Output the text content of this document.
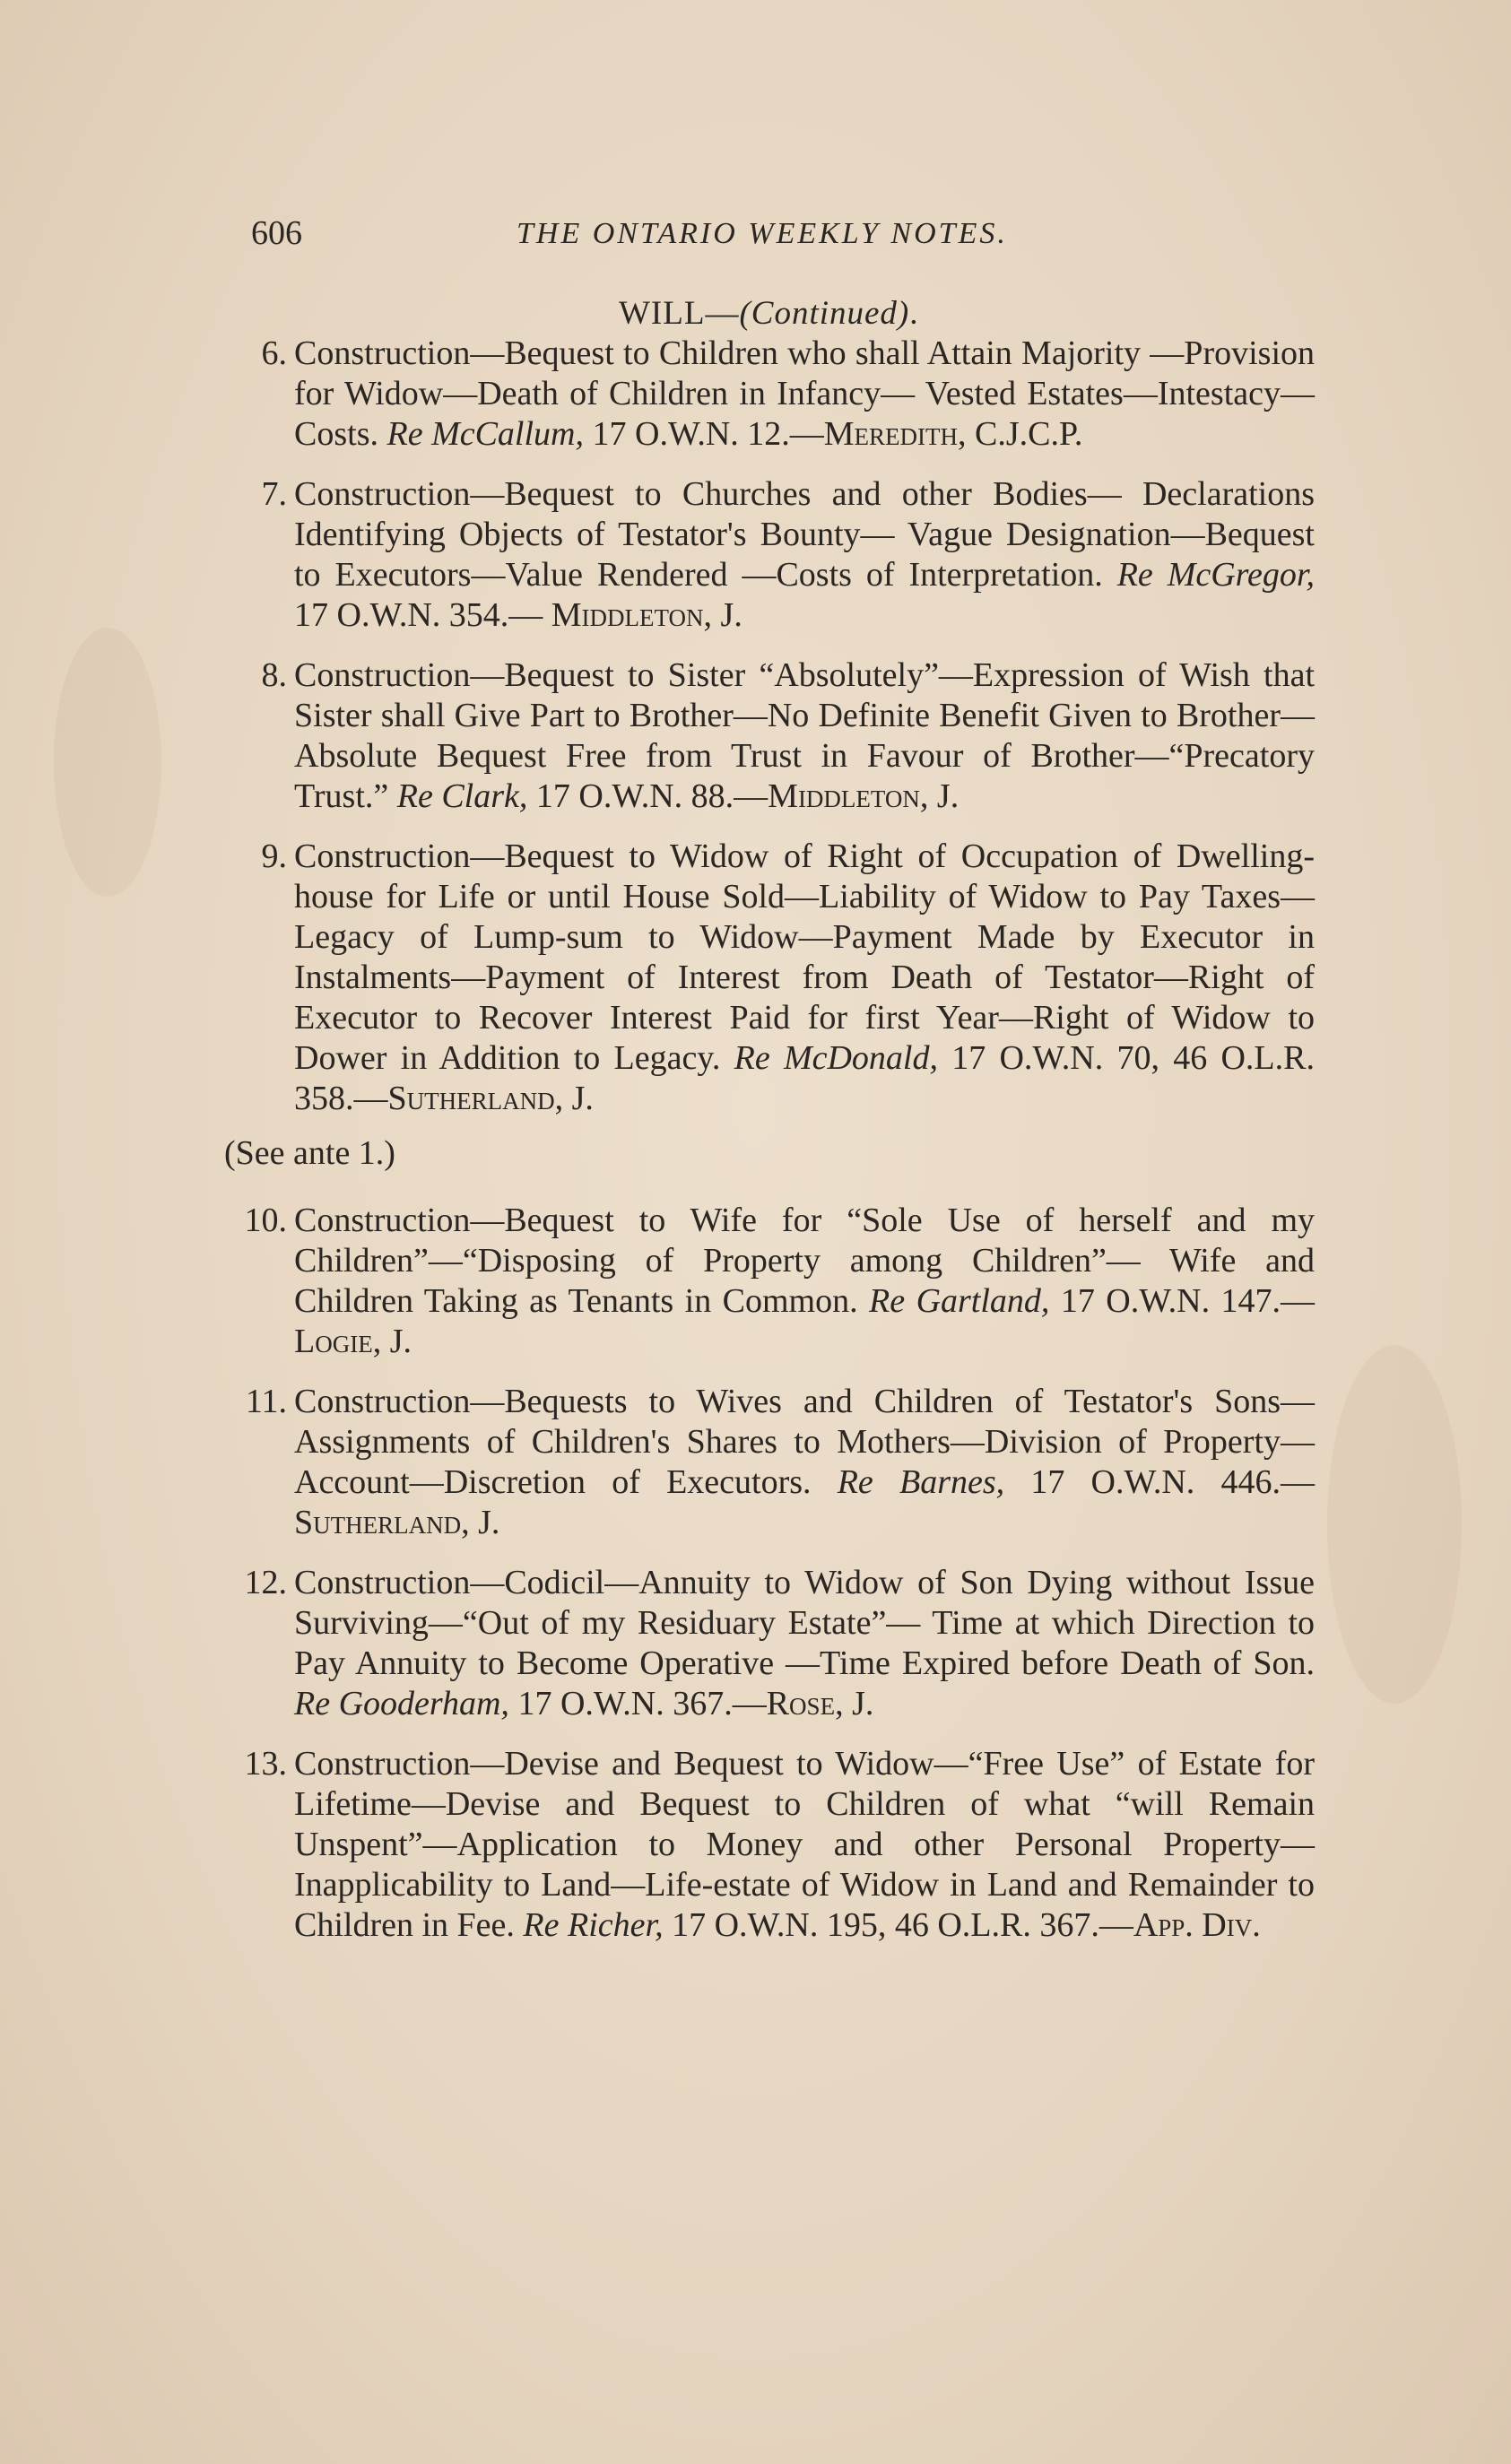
606	THE ONTARIO WEEKLY NOTES.
WILL—(Continued).
6. Construction—Bequest to Children who shall Attain Majority —Provision for Widow—Death of Children in Infancy— Vested Estates—Intestacy—Costs. Re McCallum, 17 O.W.N. 12.—Meredith, C.J.C.P.
7. Construction—Bequest to Churches and other Bodies— Declarations Identifying Objects of Testator's Bounty— Vague Designation—Bequest to Executors—Value Rendered —Costs of Interpretation. Re McGregor, 17 O.W.N. 354.— Middleton, J.
8. Construction—Bequest to Sister “Absolutely”—Expression of Wish that Sister shall Give Part to Brother—No Definite Benefit Given to Brother—Absolute Bequest Free from Trust in Favour of Brother—“Precatory Trust.” Re Clark, 17 O.W.N. 88.—Middleton, J.
9. Construction—Bequest to Widow of Right of Occupation of Dwelling-house for Life or until House Sold—Liability of Widow to Pay Taxes—Legacy of Lump-sum to Widow—Payment Made by Executor in Instalments—Payment of Interest from Death of Testator—Right of Executor to Recover Interest Paid for first Year—Right of Widow to Dower in Addition to Legacy. Re McDonald, 17 O.W.N. 70, 46 O.L.R. 358.—Sutherland, J.
(See ante 1.)
10. Construction—Bequest to Wife for “Sole Use of herself and my Children”—“Disposing of Property among Children”— Wife and Children Taking as Tenants in Common. Re Gartland, 17 O.W.N. 147.—Logie, J.
11. Construction—Bequests to Wives and Children of Testator's Sons—Assignments of Children's Shares to Mothers—Division of Property—Account—Discretion of Executors. Re Barnes, 17 O.W.N. 446.—Sutherland, J.
12. Construction—Codicil—Annuity to Widow of Son Dying without Issue Surviving—“Out of my Residuary Estate”— Time at which Direction to Pay Annuity to Become Operative —Time Expired before Death of Son. Re Gooderham, 17 O.W.N. 367.—Rose, J.
13. Construction—Devise and Bequest to Widow—“Free Use” of Estate for Lifetime—Devise and Bequest to Children of what “will Remain Unspent”—Application to Money and other Personal Property—Inapplicability to Land—Life-estate of Widow in Land and Remainder to Children in Fee. Re Richer, 17 O.W.N. 195, 46 O.L.R. 367.—App. Div.
